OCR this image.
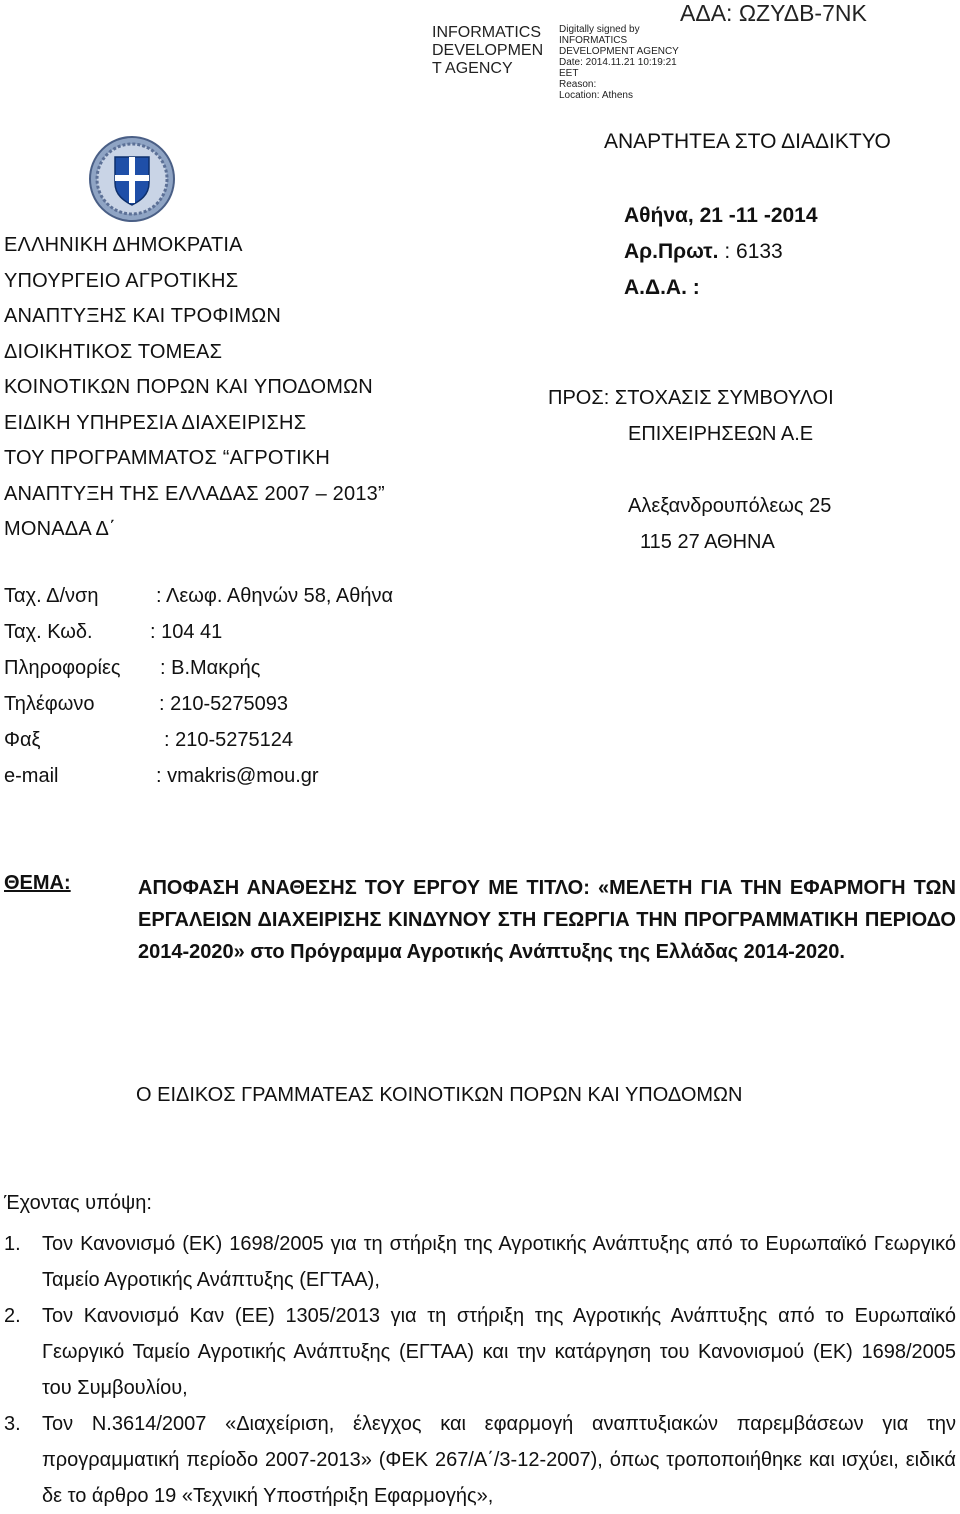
INFORMATICS
DEVELOPMEN
T AGENCY
Digitally signed by
INFORMATICS
DEVELOPMENT AGENCY
Date: 2014.11.21 10:19:21
EET
Reason:
Location: Athens
ΑΔΑ: ΩΖΥΔΒ-7ΝΚ
ΑΝΑΡΤΗΤΕΑ ΣΤΟ ΔΙΑΔΙΚΤΥΟ
ΕΛΛΗΝΙΚΗ ΔΗΜΟΚΡΑΤΙΑ
ΥΠΟΥΡΓΕΙΟ ΑΓΡΟΤΙΚΗΣ
ΑΝΑΠΤΥΞΗΣ ΚΑΙ ΤΡΟΦΙΜΩΝ
ΔΙΟΙΚΗΤΙΚΟΣ ΤΟΜΕΑΣ
ΚΟΙΝΟΤΙΚΩΝ ΠΟΡΩΝ ΚΑΙ ΥΠΟΔΟΜΩΝ
ΕΙΔΙΚΗ ΥΠΗΡΕΣΙΑ ΔΙΑΧΕΙΡΙΣΗΣ
ΤΟΥ ΠΡΟΓΡΑΜΜΑΤΟΣ “ΑΓΡΟΤΙΚΗ
ΑΝΑΠΤΥΞΗ ΤΗΣ ΕΛΛΑΔΑΣ 2007 – 2013”
ΜΟΝΑΔΑ Δ΄
Αθήνα, 21 -11 -2014
Αρ.Πρωτ. : 6133
Α.Δ.Α. :
ΠΡΟΣ: ΣΤΟΧΑΣΙΣ ΣΥΜΒΟΥΛΟΙ
ΕΠΙΧΕΙΡΗΣΕΩΝ Α.Ε
Αλεξανδρουπόλεως 25
115 27 ΑΘΗΝΑ
Ταχ. Δ/νση	: Λεωφ. Αθηνών 58, Αθήνα
Ταχ. Κωδ.	: 104 41
Πληροφορίες : Β.Μακρής
Τηλέφωνο	: 210-5275093
Φαξ	: 210-5275124
e-mail	: vmakris@mou.gr
ΘΕΜΑ:	ΑΠΟΦΑΣΗ ΑΝΑΘΕΣΗΣ ΤΟΥ ΕΡΓΟΥ ΜΕ ΤΙΤΛΟ: «ΜΕΛΕΤΗ ΓΙΑ ΤΗΝ ΕΦΑΡΜΟΓΗ ΤΩΝ ΕΡΓΑΛΕΙΩΝ ΔΙΑΧΕΙΡΙΣΗΣ ΚΙΝΔΥΝΟΥ ΣΤΗ ΓΕΩΡΓΙΑ ΤΗΝ ΠΡΟΓΡΑΜΜΑΤΙΚΗ ΠΕΡΙΟΔΟ 2014-2020» στο Πρόγραμμα Αγροτικής Ανάπτυξης της Ελλάδας 2014-2020.
Ο ΕΙΔΙΚΟΣ ΓΡΑΜΜΑΤΕΑΣ ΚΟΙΝΟΤΙΚΩΝ ΠΟΡΩΝ ΚΑΙ ΥΠΟΔΟΜΩΝ
Έχοντας υπόψη:
1. Τον Κανονισμό (ΕΚ) 1698/2005 για τη στήριξη της Αγροτικής Ανάπτυξης από το Ευρωπαϊκό Γεωργικό Ταμείο Αγροτικής Ανάπτυξης (ΕΓΤΑΑ),
2. Τον Κανονισμό Καν (ΕΕ) 1305/2013 για τη στήριξη της Αγροτικής Ανάπτυξης από το Ευρωπαϊκό Γεωργικό Ταμείο Αγροτικής Ανάπτυξης (ΕΓΤΑΑ) και την κατάργηση του Κανονισμού (ΕΚ) 1698/2005 του Συμβουλίου,
3. Τον Ν.3614/2007 «Διαχείριση, έλεγχος και εφαρμογή αναπτυξιακών παρεμβάσεων για την προγραμματική περίοδο 2007-2013» (ΦΕΚ 267/Α΄/3-12-2007), όπως τροποποιήθηκε και ισχύει, ειδικά δε το άρθρο 19 «Τεχνική Υποστήριξη Εφαρμογής»,
